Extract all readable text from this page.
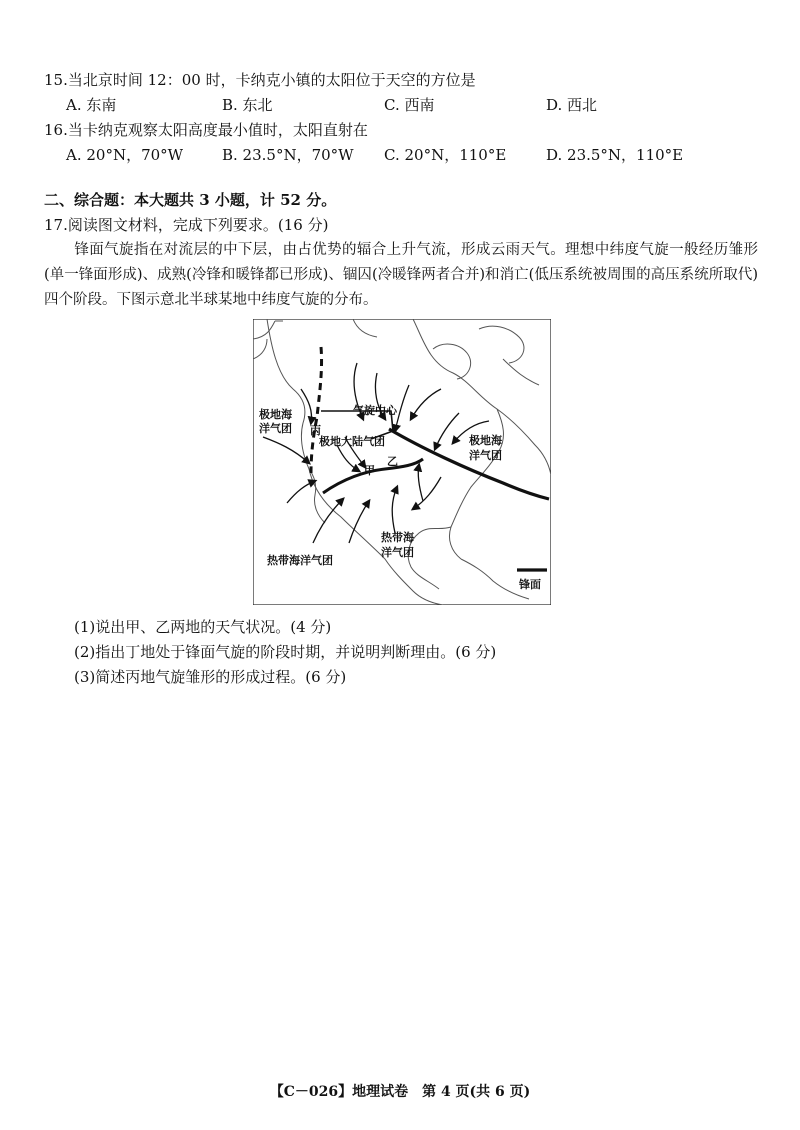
15.当北京时间 12：00 时，卡纳克小镇的太阳位于天空的方位是
A. 东南	B. 东北	C. 西南	D. 西北
16.当卡纳克观察太阳高度最小值时，太阳直射在
A. 20°N，70°W	B. 23.5°N，70°W C. 20°N，110°E	D. 23.5°N，110°E
二、综合题：本大题共 3 小题，计 52 分。
17.阅读图文材料，完成下列要求。(16 分)
锋面气旋指在对流层的中下层，由占优势的辐合上升气流，形成云雨天气。理想中纬度气旋一般经历雏形(单一锋面形成)、成熟(冷锋和暖锋都已形成)、锢囚(冷暖锋两者合并)和消亡(低压系统被周围的高压系统所取代)四个阶段。下图示意北半球某地中纬度气旋的分布。
极地海
洋气团
气旋中心
丙
极地大陆气团
甲
乙
极地海
洋气团
热带海
洋气团
热带海洋气团
锋面
(1)说出甲、乙两地的天气状况。(4 分)
(2)指出丁地处于锋面气旋的阶段时期，并说明判断理由。(6 分)
(3)简述丙地气旋雏形的形成过程。(6 分)
【C－026】地理试卷　第 4 页(共 6 页)
